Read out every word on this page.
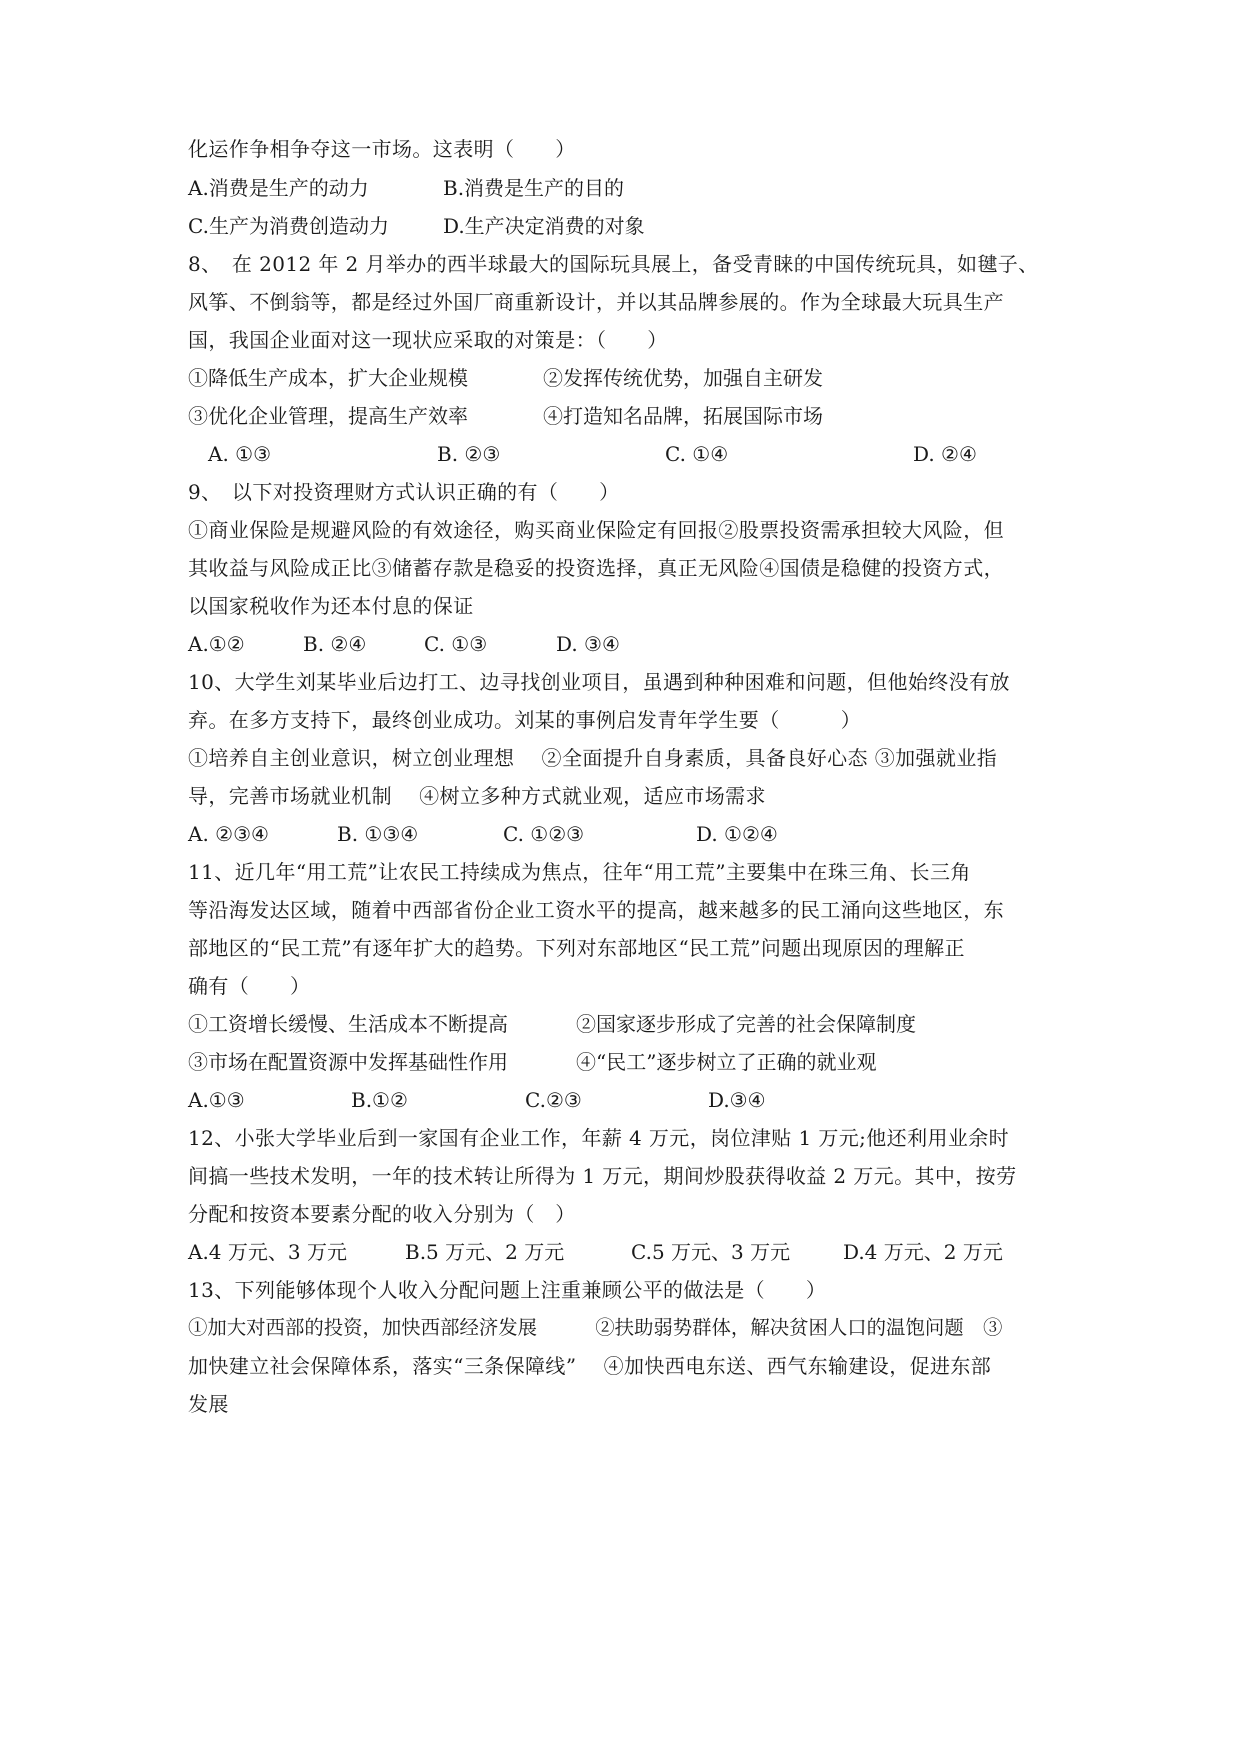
化运作争相争夺这一市场。这表明（　　）
A.消费是生产的动力	B.消费是生产的目的
C.生产为消费创造动力	D.生产决定消费的对象
8、　在 2012 年 2 月举办的西半球最大的国际玩具展上，备受青睐的中国传统玩具，如毽子、
风筝、不倒翁等，都是经过外国厂商重新设计，并以其品牌参展的。作为全球最大玩具生产
国，我国企业面对这一现状应采取的对策是：（　　）
①降低生产成本，扩大企业规模	②发挥传统优势，加强自主研发
③优化企业管理，提高生产效率	④打造知名品牌，拓展国际市场
A. ①③	B. ②③	C. ①④	D. ②④
9、　以下对投资理财方式认识正确的有（　　）
①商业保险是规避风险的有效途径，购买商业保险定有回报②股票投资需承担较大风险，但
其收益与风险成正比③储蓄存款是稳妥的投资选择，真正无风险④国债是稳健的投资方式，
以国家税收作为还本付息的保证
A.①②	B. ②④	C. ①③	D. ③④
10、大学生刘某毕业后边打工、边寻找创业项目，虽遇到种种困难和问题，但他始终没有放
弃。在多方支持下，最终创业成功。刘某的事例启发青年学生要（　　　）
①培养自主创业意识，树立创业理想　 ②全面提升自身素质，具备良好心态 ③加强就业指
导，完善市场就业机制　 ④树立多种方式就业观，适应市场需求
A. ②③④	B. ①③④	C. ①②③	D. ①②④
11、近几年“用工荒”让农民工持续成为焦点，往年“用工荒”主要集中在珠三角、长三角
等沿海发达区域，随着中西部省份企业工资水平的提高，越来越多的民工涌向这些地区，东
部地区的“民工荒”有逐年扩大的趋势。下列对东部地区“民工荒”问题出现原因的理解正
确有（　　）
①工资增长缓慢、生活成本不断提高	②国家逐步形成了完善的社会保障制度
③市场在配置资源中发挥基础性作用	④“民工”逐步树立了正确的就业观
A.①③	B.①②	C.②③	D.③④
12、小张大学毕业后到一家国有企业工作，年薪 4 万元，岗位津贴 1 万元;他还利用业余时
间搞一些技术发明，一年的技术转让所得为 1 万元，期间炒股获得收益 2 万元。其中，按劳
分配和按资本要素分配的收入分别为（　）
A.4 万元、3 万元	B.5 万元、2 万元	C.5 万元、3 万元	D.4 万元、2 万元
13、下列能够体现个人收入分配问题上注重兼顾公平的做法是（　　）
①加大对西部的投资，加快西部经济发展　　　②扶助弱势群体，解决贫困人口的温饱问题　③
加快建立社会保障体系，落实“三条保障线”　 ④加快西电东送、西气东输建设，促进东部
发展
